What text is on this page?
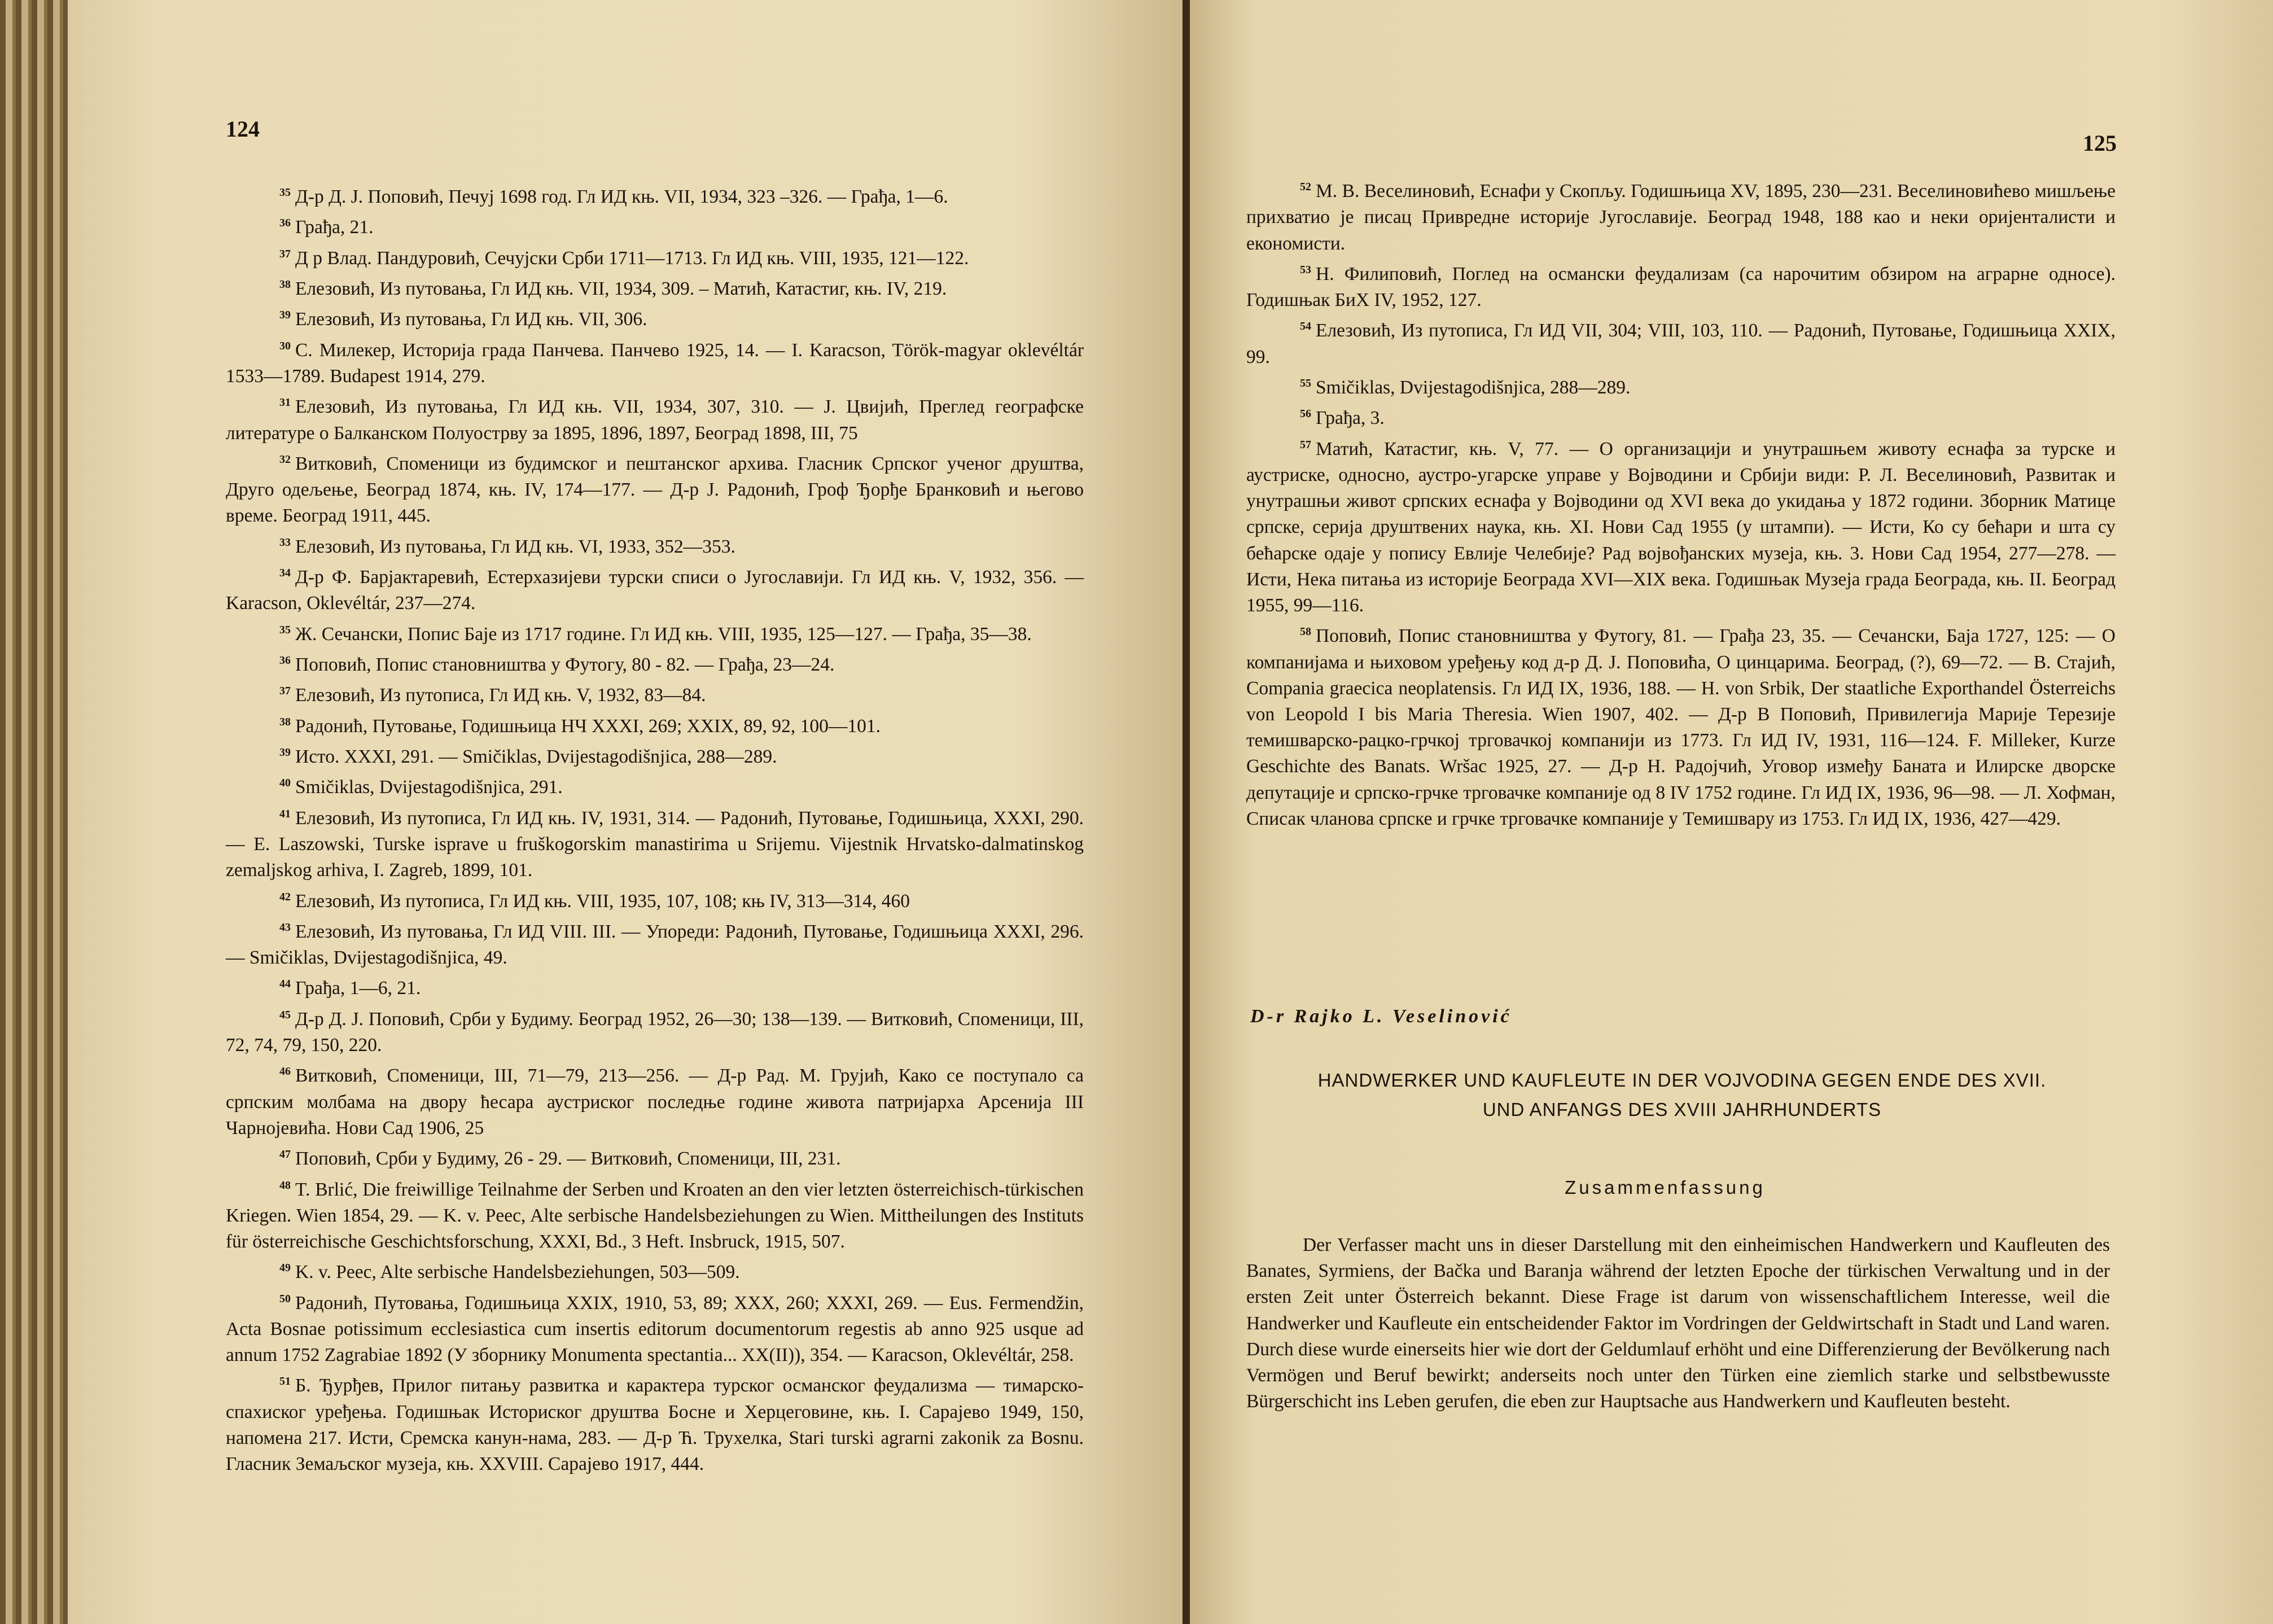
124
125

$^{35}$ Д-р Д. Ј. Поповић, Печуј 1698 год. Гл ИД књ. VII, 1934, 323 –326. — Грађа, 1—6.

$^{36}$ Грађа, 21.

$^{37}$ Д р Влад. Пандуровић, Сечујски Срби 1711—1713. Гл ИД књ. VIII, 1935, 121—122.

$^{38}$ Елезовић, Из путовања, Гл ИД књ. VII, 1934, 309. – Матић, Катастиг, књ. IV, 219.

$^{39}$ Елезовић, Из путовања, Гл ИД књ. VII, 306.

$^{30}$ С. Милекер, Историја града Панчева. Панчево 1925, 14. — I. Karacson, Török-magyar oklevéltár 1533—1789. Budapest 1914, 279.

$^{31}$ Елезовић, Из путовања, Гл ИД књ. VII, 1934, 307, 310. — Ј. Цвијић, Преглед географске литературе о Балканском Полуострву за 1895, 1896, 1897, Београд 1898, III, 75

$^{32}$ Витковић, Споменици из будимског и пештанског архива. Гласник Српског ученог друштва, Друго одељење, Београд 1874, књ. IV, 174—177. — Д-р Ј. Радонић, Гроф Ђорђе Бранковић и његово време. Београд 1911, 445.

$^{33}$ Елезовић, Из путовања, Гл ИД књ. VI, 1933, 352—353.

$^{34}$ Д-р Ф. Барјактаревић, Естерхазијеви турски списи о Југославији. Гл ИД књ. V, 1932, 356. — Karacson, Oklevéltár, 237—274.

$^{35}$ Ж. Сечански, Попис Баје из 1717 године. Гл ИД књ. VIII, 1935, 125—127. — Грађа, 35—38.

$^{36}$ Поповић, Попис становништва у Футогу, 80 - 82. — Грађа, 23—24.

$^{37}$ Елезовић, Из путописа, Гл ИД књ. V, 1932, 83—84.

$^{38}$ Радонић, Путовање, Годишњица НЧ XXXI, 269; XXIX, 89, 92, 100—101.

$^{39}$ Исто. XXXI, 291. — Smičiklas, Dvijestagodišnjica, 288—289.

$^{40}$ Smičiklas, Dvijestagodišnjica, 291.

$^{41}$ Елезовић, Из путописа, Гл ИД књ. IV, 1931, 314. — Радонић, Путовање, Годишњица, XXXI, 290. — E. Laszowski, Turske isprave u fruškogorskim manastirima u Srijemu. Vijestnik Hrvatsko-dalmatinskog zemaljskog arhiva, I. Zagreb, 1899, 101.

$^{42}$ Елезовић, Из путописа, Гл ИД књ. VIII, 1935, 107, 108; књ IV, 313—314, 460

$^{43}$ Елезовић, Из путовања, Гл ИД VIII. III. — Упореди: Радонић, Путовање, Годишњица XXXI, 296. — Smičiklas, Dvijestagodišnjica, 49.

$^{44}$ Грађа, 1—6, 21.

$^{45}$ Д-р Д. Ј. Поповић, Срби у Будиму. Београд 1952, 26—30; 138—139. — Витковић, Споменици, III, 72, 74, 79, 150, 220.

$^{46}$ Витковић, Споменици, III, 71—79, 213—256. — Д-р Рад. М. Грујић, Како се поступало са српским молбама на двору ћесара аустриског последње године живота патријарха Арсенија III Чарнојевића. Нови Сад 1906, 25

$^{47}$ Поповић, Срби у Будиму, 26 - 29. — Витковић, Споменици, III, 231.

$^{48}$ T. Brlić, Die freiwillige Teilnahme der Serben und Kroaten an den vier letzten österreichisch-türkischen Kriegen. Wien 1854, 29. — K. v. Peec, Alte serbische Handelsbeziehungen zu Wien. Mittheilungen des Instituts für österreichische Geschichtsforschung, XXXI, Bd., 3 Heft. Insbruck, 1915, 507.

$^{49}$ K. v. Peec, Alte serbische Handelsbeziehungen, 503—509.

$^{50}$ Радонић, Путовања, Годишњица XXIX, 1910, 53, 89; XXX, 260; XXXI, 269. — Eus. Fermendžin, Acta Bosnae potissimum ecclesiastica cum insertis editorum documentorum regestis ab anno 925 usque ad annum 1752 Zagrabiae 1892 (У зборнику Monumenta spectantia... XX(II)), 354. — Karacson, Oklevéltár, 258.

$^{51}$ Б. Ђурђев, Прилог питању развитка и карактера турског османског феудализма — тимарско-спахиског уређења. Годишњак Историског друштва Босне и Херцеговине, књ. I. Сарајево 1949, 150, напомена 217. Исти, Сремска канун-нама, 283. — Д-р Ћ. Трухелка, Stari turski agrarni zakonik za Bosnu. Гласник Земаљског музеја, књ. XXVIII. Сарајево 1917, 444.

$^{52}$ М. В. Веселиновић, Еснафи у Скопљу. Годишњица XV, 1895, 230—231. Веселиновићево мишљење прихватио је писац Привредне историје Југославије. Београд 1948, 188 као и неки оријенталисти и економисти.

$^{53}$ Н. Филиповић, Поглед на османски феудализам (са нарочитим обзиром на аграрне односе). Годишњак БиХ IV, 1952, 127.

$^{54}$ Елезовић, Из путописа, Гл ИД VII, 304; VIII, 103, 110. — Радонић, Путовање, Годишњица XXIX, 99.

$^{55}$ Smičiklas, Dvijestagodišnjica, 288—289.

$^{56}$ Грађа, 3.

$^{57}$ Матић, Катастиг, књ. V, 77. — О организацији и унутрашњем животу еснафа за турске и аустриске, односно, аустро-угарске управе у Војводини и Србији види: Р. Л. Веселиновић, Развитак и унутрашњи живот српских еснафа у Војводини од XVI века до укидања у 1872 години. Зборник Матице српске, серија друштвених наука, књ. XI. Нови Сад 1955 (у штампи). — Исти, Ко су бећари и шта су бећарске одаје у попису Евлије Челебије? Рад војвођанских музеја, књ. 3. Нови Сад 1954, 277—278. — Исти, Нека питања из историје Београда XVI—XIX века. Годишњак Музеја града Београда, књ. II. Београд 1955, 99—116.

$^{58}$ Поповић, Попис становништва у Футогу, 81. — Грађа 23, 35. — Сечански, Баја 1727, 125: — О компанијама и њиховом уређењу код д-р Д. Ј. Поповића, О цинцарима. Београд, (?), 69—72. — В. Стајић, Compania graecica neoplatensis. Гл ИД IX, 1936, 188. — H. von Srbik, Der staatliche Exporthandel Österreichs von Leopold I bis Maria Theresia. Wien 1907, 402. — Д-р В Поповић, Привилегија Марије Терезије темишварско-рацко-грчкој трговачкој компанији из 1773. Гл ИД IV, 1931, 116—124. F. Milleker, Kurze Geschichte des Banats. Wršac 1925, 27. — Д-р Н. Радојчић, Уговор између Баната и Илирске дворске депутације и српско-грчке трговачке компаније од 8 IV 1752 године. Гл ИД IX, 1936, 96—98. — Л. Хофман, Списак чланова српске и грчке трговачке компаније у Темишвару из 1753. Гл ИД IX, 1936, 427—429.

D-r Rajko L. Veselinović
HANDWERKER UND KAUFLEUTE IN DER VOJVODINA GEGEN ENDE DES XVII.
UND ANFANGS DES XVIII JAHRHUNDERTS
Zusammenfassung

Der Verfasser macht uns in dieser Darstellung mit den einheimischen Handwerkern und Kaufleuten des Banates, Syrmiens, der Bačka und Baranja während der letzten Epoche der türkischen Verwaltung und in der ersten Zeit unter Österreich bekannt. Diese Frage ist darum von wissenschaftlichem Interesse, weil die Handwerker und Kaufleute ein entscheidender Faktor im Vordringen der Geldwirtschaft in Stadt und Land waren. Durch diese wurde einerseits hier wie dort der Geldumlauf erhöht und eine Differenzierung der Bevölkerung nach Vermögen und Beruf bewirkt; anderseits noch unter den Türken eine ziemlich starke und selbstbewusste Bürgerschicht ins Leben gerufen, die eben zur Hauptsache aus Handwerkern und Kaufleuten besteht.
